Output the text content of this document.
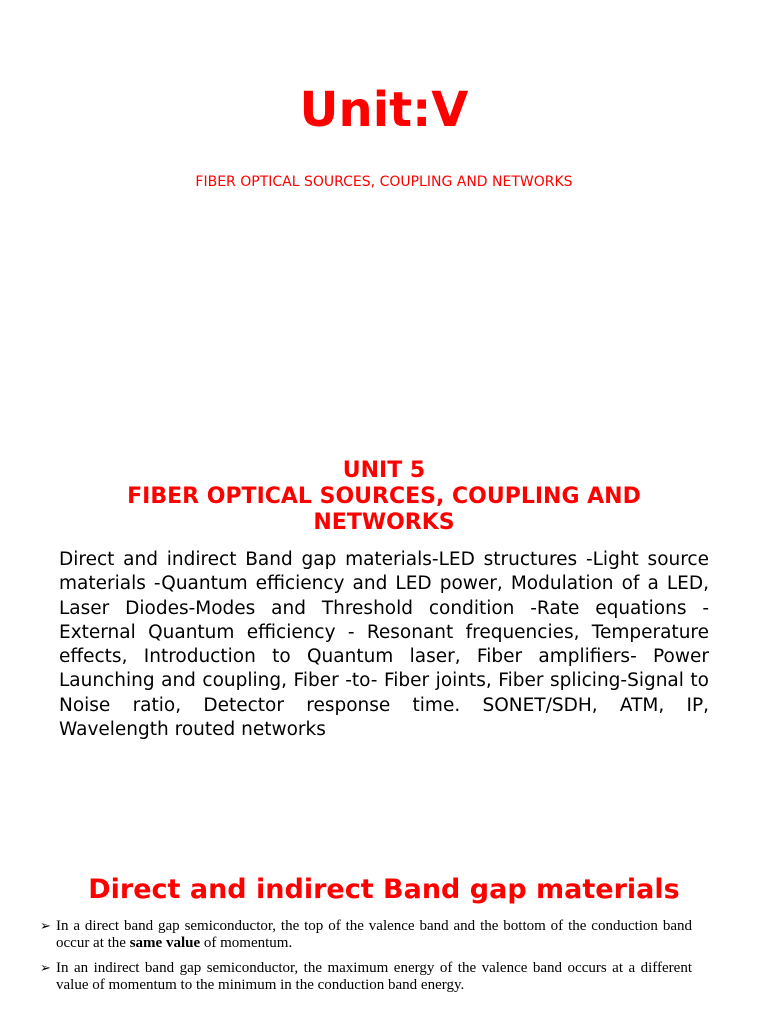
Unit:V
FIBER OPTICAL SOURCES, COUPLING AND NETWORKS
UNIT 5
FIBER OPTICAL SOURCES, COUPLING AND
NETWORKS

Direct and indirect Band gap materials-LED structures -Light source materials -Quantum efficiency and LED power, Modulation of a LED, Laser Diodes-Modes and Threshold condition -Rate equations -External Quantum efficiency - Resonant frequencies, Temperature effects, Introduction to Quantum laser, Fiber amplifiers- Power Launching and coupling, Fiber -to- Fiber joints, Fiber splicing-Signal to Noise ratio, Detector response time. SONET/SDH, ATM, IP, Wavelength routed networks

Direct and indirect Band gap materials
➢ In a direct band gap semiconductor, the top of the valence band and the bottom of the conduction band occur at the same value of momentum.
➢ In an indirect band gap semiconductor, the maximum energy of the valence band occurs at a different value of momentum to the minimum in the conduction band energy.
